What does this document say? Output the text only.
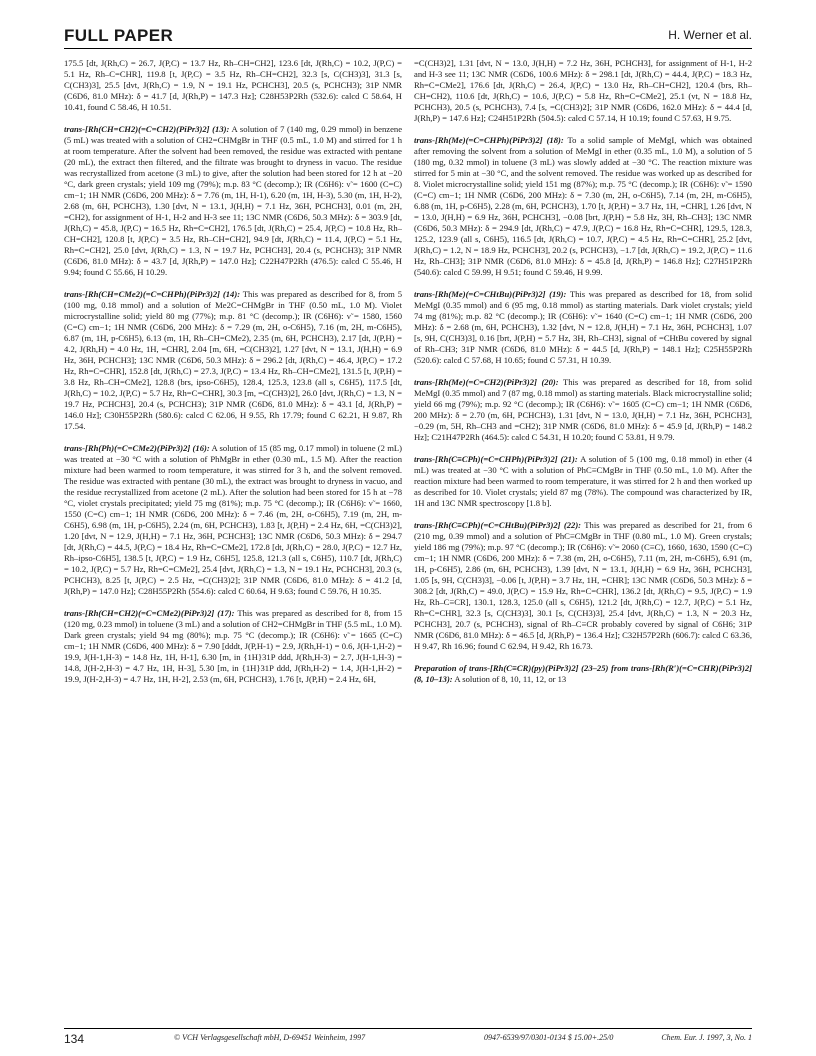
FULL PAPER	H. Werner et al.

175.5 [dt, J(Rh,C) = 26.7, J(P,C) = 13.7 Hz, Rh–CH=CH2], 123.6 [dt, J(Rh,C) = 10.2, J(P,C) = 5.1 Hz, Rh–C=CHR], 119.8 [t, J(P,C) = 3.5 Hz, Rh–CH=CH2], 32.3 [s, C(CH3)3], 31.3 [s, C(CH3)3], 25.5 [dvt, J(Rh,C) = 1.9, N = 19.1 Hz, PCHCH3], 20.5 (s, PCHCH3); 31P NMR (C6D6, 81.0 MHz): δ = 41.7 [d, J(Rh,P) = 147.3 Hz]; C28H53P2Rh (532.6): calcd C 58.64, H 10.41, found C 58.46, H 10.51.

trans-[Rh(CH=CH2)(=C=CH2)(PiPr3)2] (13): A solution of 7 (140 mg, 0.29 mmol) in benzene (5 mL) was treated with a solution of CH2=CHMgBr in THF (0.5 mL, 1.0 M) and stirred for 1 h at room temperature. After the solvent had been removed, the residue was extracted with pentane (20 mL), the extract then filtered, and the filtrate was brought to dryness in vacuo. The residue was recrystallized from acetone (3 mL) to give, after the solution had been stored for 12 h at −20 °C, dark green crystals; yield 109 mg (79%); m.p. 83 °C (decomp.); IR (C6H6): ν̃ = 1600 (C=C) cm−1; 1H NMR (C6D6, 200 MHz): δ = 7.76 (m, 1H, H-1), 6.20 (m, 1H, H-3), 5.30 (m, 1H, H-2), 2.68 (m, 6H, PCHCH3), 1.30 [dvt, N = 13.1, J(H,H) = 7.1 Hz, 36H, PCHCH3], 0.01 (m, 2H, =CH2), for assignment of H-1, H-2 and H-3 see 11; 13C NMR (C6D6, 50.3 MHz): δ = 303.9 [dt, J(Rh,C) = 45.8, J(P,C) = 16.5 Hz, Rh=C=CH2], 176.5 [dt, J(Rh,C) = 25.4, J(P,C) = 10.8 Hz, Rh–CH=CH2], 120.8 [t, J(P,C) = 3.5 Hz, Rh–CH=CH2], 94.9 [dt, J(Rh,C) = 11.4, J(P,C) = 5.1 Hz, Rh=C=CH2], 25.0 [dvt, J(Rh,C) = 1.3, N = 19.7 Hz, PCHCH3], 20.4 (s, PCHCH3); 31P NMR (C6D6, 81.0 MHz): δ = 43.7 [d, J(Rh,P) = 147.0 Hz]; C22H47P2Rh (476.5): calcd C 55.46, H 9.94; found C 55.66, H 10.29.

trans-[Rh(CH=CMe2)(=C=CHPh)(PiPr3)2] (14): This was prepared as described for 8, from 5 (100 mg, 0.18 mmol) and a solution of Me2C=CHMgBr in THF (0.50 mL, 1.0 M). Violet microcrystalline solid; yield 80 mg (77%); m.p. 81 °C (decomp.); IR (C6H6): ν̃ = 1580, 1560 (C=C) cm−1; 1H NMR (C6D6, 200 MHz): δ = 7.29 (m, 2H, o-C6H5), 7.16 (m, 2H, m-C6H5), 6.87 (m, 1H, p-C6H5), 6.13 (m, 1H, Rh–CH=CMe2), 2.35 (m, 6H, PCHCH3), 2.17 [dt, J(P,H) = 4.2, J(Rh,H) = 4.0 Hz, 1H, =CHR], 2.04 [m, 6H, =C(CH3)2], 1.27 [dvt, N = 13.1, J(H,H) = 6.9 Hz, 36H, PCHCH3]; 13C NMR (C6D6, 50.3 MHz): δ = 296.2 [dt, J(Rh,C) = 46.4, J(P,C) = 17.2 Hz, Rh=C=CHR], 152.8 [dt, J(Rh,C) = 27.3, J(P,C) = 13.4 Hz, Rh–CH=CMe2], 131.5 [t, J(P,H) = 3.8 Hz, Rh–CH=CMe2], 128.8 (brs, ipso-C6H5), 128.4, 125.3, 123.8 (all s, C6H5), 117.5 [dt, J(Rh,C) = 10.2, J(P,C) = 5.7 Hz, Rh=C=CHR], 30.3 [m, =C(CH3)2], 26.0 [dvt, J(Rh,C) = 1.3, N = 19.7 Hz, PCHCH3], 20.4 (s, PCHCH3); 31P NMR (C6D6, 81.0 MHz): δ = 43.1 [d, J(Rh,P) = 146.0 Hz]; C30H55P2Rh (580.6): calcd C 62.06, H 9.55, Rh 17.79; found C 62.21, H 9.87, Rh 17.54.

trans-[Rh(Ph)(=C=CMe2)(PiPr3)2] (16): A solution of 15 (85 mg, 0.17 mmol) in toluene (2 mL) was treated at −30 °C with a solution of PhMgBr in ether (0.30 mL, 1.5 M). After the reaction mixture had been warmed to room temperature, it was stirred for 3 h, and the solvent removed. The residue was extracted with pentane (30 mL), the extract was brought to dryness in vacuo, and the residue recrystallized from acetone (2 mL). After the solution had been stored for 15 h at −78 °C, violet crystals precipitated; yield 75 mg (81%); m.p. 75 °C (decomp.); IR (C6H6): ν̃ = 1660, 1550 (C=C) cm−1; 1H NMR (C6D6, 200 MHz): δ = 7.46 (m, 2H, o-C6H5), 7.19 (m, 2H, m-C6H5), 6.98 (m, 1H, p-C6H5), 2.24 (m, 6H, PCHCH3), 1.83 [t, J(P,H) = 2.4 Hz, 6H, =C(CH3)2], 1.20 [dvt, N = 12.9, J(H,H) = 7.1 Hz, 36H, PCHCH3]; 13C NMR (C6D6, 50.3 MHz): δ = 294.7 [dt, J(Rh,C) = 44.5, J(P,C) = 18.4 Hz, Rh=C=CMe2], 172.8 [dt, J(Rh,C) = 28.0, J(P,C) = 12.7 Hz, Rh–ipso-C6H5], 138.5 [t, J(P,C) = 1.9 Hz, C6H5], 125.8, 121.3 (all s, C6H5), 110.7 [dt, J(Rh,C) = 10.2, J(P,C) = 5.7 Hz, Rh=C=CMe2], 25.4 [dvt, J(Rh,C) = 1.3, N = 19.1 Hz, PCHCH3], 20.3 (s, PCHCH3), 8.25 [t, J(P,C) = 2.5 Hz, =C(CH3)2]; 31P NMR (C6D6, 81.0 MHz): δ = 41.2 [d, J(Rh,P) = 147.0 Hz]; C28H55P2Rh (554.6): calcd C 60.64, H 9.63; found C 59.76, H 10.35.

trans-[Rh(CH=CH2)(=C=CMe2)(PiPr3)2] (17): This was prepared as described for 8, from 15 (120 mg, 0.23 mmol) in toluene (3 mL) and a solution of CH2=CHMgBr in THF (5.5 mL, 1.0 M). Dark green crystals; yield 94 mg (80%); m.p. 75 °C (decomp.); IR (C6H6): ν̃ = 1665 (C=C) cm−1; 1H NMR (C6D6, 400 MHz): δ = 7.90 [dddt, J(P,H-1) = 2.9, J(Rh,H-1) = 0.6, J(H-1,H-2) = 19.9, J(H-1,H-3) = 14.8 Hz, 1H, H-1], 6.30 [m, in {1H}31P ddd, J(Rh,H-3) = 2.7, J(H-1,H-3) = 14.8, J(H-2,H-3) = 4.7 Hz, 1H, H-3], 5.30 [m, in {1H}31P ddd, J(Rh,H-2) = 1.4, J(H-1,H-2) = 19.9, J(H-2,H-3) = 4.7 Hz, 1H, H-2], 2.53 (m, 6H, PCHCH3), 1.76 [t, J(P,H) = 2.4 Hz, 6H,

=C(CH3)2], 1.31 [dvt, N = 13.0, J(H,H) = 7.2 Hz, 36H, PCHCH3], for assignment of H-1, H-2 and H-3 see 11; 13C NMR (C6D6, 100.6 MHz): δ = 298.1 [dt, J(Rh,C) = 44.4, J(P,C) = 18.3 Hz, Rh=C=CMe2], 176.6 [dt, J(Rh,C) = 26.4, J(P,C) = 13.0 Hz, Rh–CH=CH2], 120.4 (brs, Rh–CH=CH2), 110.6 [dt, J(Rh,C) = 10.6, J(P,C) = 5.8 Hz, Rh=C=CMe2], 25.1 (vt, N = 18.8 Hz, PCHCH3), 20.5 (s, PCHCH3), 7.4 [s, =C(CH3)2]; 31P NMR (C6D6, 162.0 MHz): δ = 44.4 [d, J(Rh,P) = 147.6 Hz]; C24H51P2Rh (504.5): calcd C 57.14, H 10.19; found C 57.63, H 9.75.

trans-[Rh(Me)(=C=CHPh)(PiPr3)2] (18): To a solid sample of MeMgI, which was obtained after removing the solvent from a solution of MeMgI in ether (0.35 mL, 1.0 M), a solution of 5 (180 mg, 0.32 mmol) in toluene (3 mL) was slowly added at −30 °C. The reaction mixture was stirred for 5 min at −30 °C, and the solvent removed. The residue was worked up as described for 8. Violet microcrystalline solid; yield 151 mg (87%); m.p. 75 °C (decomp.); IR (C6H6): ν̃ = 1590 (C=C) cm−1; 1H NMR (C6D6, 200 MHz): δ = 7.30 (m, 2H, o-C6H5), 7.14 (m, 2H, m-C6H5), 6.88 (m, 1H, p-C6H5), 2.28 (m, 6H, PCHCH3), 1.70 [t, J(P,H) = 3.7 Hz, 1H, =CHR], 1.26 [dvt, N = 13.0, J(H,H) = 6.9 Hz, 36H, PCHCH3], −0.08 [brt, J(P,H) = 5.8 Hz, 3H, Rh–CH3]; 13C NMR (C6D6, 50.3 MHz): δ = 294.9 [dt, J(Rh,C) = 47.9, J(P,C) = 16.8 Hz, Rh=C=CHR], 129.5, 128.3, 125.2, 123.9 (all s, C6H5), 116.5 [dt, J(Rh,C) = 10.7, J(P,C) = 4.5 Hz, Rh=C=CHR], 25.2 [dvt, J(Rh,C) = 1.2, N = 18.9 Hz, PCHCH3], 20.2 (s, PCHCH3), −1.7 [dt, J(Rh,C) = 19.2, J(P,C) = 11.6 Hz, Rh–CH3]; 31P NMR (C6D6, 81.0 MHz): δ = 45.8 [d, J(Rh,P) = 146.8 Hz]; C27H51P2Rh (540.6): calcd C 59.99, H 9.51; found C 59.46, H 9.99.

trans-[Rh(Me)(=C=CHtBu)(PiPr3)2] (19): This was prepared as described for 18, from solid MeMgI (0.35 mmol) and 6 (95 mg, 0.18 mmol) as starting materials. Dark violet crystals; yield 74 mg (81%); m.p. 82 °C (decomp.); IR (C6H6): ν̃ = 1640 (C=C) cm−1; 1H NMR (C6D6, 200 MHz): δ = 2.68 (m, 6H, PCHCH3), 1.32 [dvt, N = 12.8, J(H,H) = 7.1 Hz, 36H, PCHCH3], 1.07 [s, 9H, C(CH3)3], 0.16 [brt, J(P,H) = 5.7 Hz, 3H, Rh–CH3], signal of =CHtBu covered by signal of Rh–CH3; 31P NMR (C6D6, 81.0 MHz): δ = 44.5 [d, J(Rh,P) = 148.1 Hz]; C25H55P2Rh (520.6): calcd C 57.68, H 10.65; found C 57.31, H 10.39.

trans-[Rh(Me)(=C=CH2)(PiPr3)2] (20): This was prepared as described for 18, from solid MeMgI (0.35 mmol) and 7 (87 mg, 0.18 mmol) as starting materials. Black microcrystalline solid; yield 66 mg (79%); m.p. 92 °C (decomp.); IR (C6H6): ν̃ = 1605 (C=C) cm−1; 1H NMR (C6D6, 200 MHz): δ = 2.70 (m, 6H, PCHCH3), 1.31 [dvt, N = 13.0, J(H,H) = 7.1 Hz, 36H, PCHCH3], −0.29 (m, 5H, Rh–CH3 and =CH2); 31P NMR (C6D6, 81.0 MHz): δ = 45.9 [d, J(Rh,P) = 148.2 Hz]; C21H47P2Rh (464.5): calcd C 54.31, H 10.20; found C 53.81, H 9.79.

trans-[Rh(C≡CPh)(=C=CHPh)(PiPr3)2] (21): A solution of 5 (100 mg, 0.18 mmol) in ether (4 mL) was treated at −30 °C with a solution of PhC≡CMgBr in THF (0.50 mL, 1.0 M). After the reaction mixture had been warmed to room temperature, it was stirred for 2 h and then worked up as described for 10. Violet crystals; yield 87 mg (78%). The compound was characterized by IR, 1H and 13C NMR spectroscopy [1.8 b].

trans-[Rh(C≡CPh)(=C=CHtBu)(PiPr3)2] (22): This was prepared as described for 21, from 6 (210 mg, 0.39 mmol) and a solution of PhC≡CMgBr in THF (0.80 mL, 1.0 M). Green crystals; yield 186 mg (79%); m.p. 97 °C (decomp.); IR (C6H6): ν̃ = 2060 (C≡C), 1660, 1630, 1590 (C=C) cm−1; 1H NMR (C6D6, 200 MHz): δ = 7.38 (m, 2H, o-C6H5), 7.11 (m, 2H, m-C6H5), 6.91 (m, 1H, p-C6H5), 2.86 (m, 6H, PCHCH3), 1.39 [dvt, N = 13.1, J(H,H) = 6.9 Hz, 36H, PCHCH3], 1.05 [s, 9H, C(CH3)3], −0.06 [t, J(P,H) = 3.7 Hz, 1H, =CHR]; 13C NMR (C6D6, 50.3 MHz): δ = 308.2 [dt, J(Rh,C) = 49.0, J(P,C) = 15.9 Hz, Rh=C=CHR], 136.2 [dt, J(Rh,C) = 9.5, J(P,C) = 1.9 Hz, Rh–C≡CR], 130.1, 128.3, 125.0 (all s, C6H5), 121.2 [dt, J(Rh,C) = 12.7, J(P,C) = 5.1 Hz, Rh=C=CHR], 32.3 [s, C(CH3)3], 30.1 [s, C(CH3)3], 25.4 [dvt, J(Rh,C) = 1.3, N = 20.3 Hz, PCHCH3], 20.7 (s, PCHCH3), signal of Rh–C≡CR probably covered by signal of C6H6; 31P NMR (C6D6, 81.0 MHz): δ = 46.5 [d, J(Rh,P) = 136.4 Hz]; C32H57P2Rh (606.7): calcd C 63.36, H 9.47, Rh 16.96; found C 62.94, H 9.42, Rh 16.73.

Preparation of trans-[Rh(C≡CR)(py)(PiPr3)2] (23–25) from trans-[Rh(R′)(=C=CHR)(PiPr3)2] (8, 10–13): A solution of 8, 10, 11, 12, or 13

134	© VCH Verlagsgesellschaft mbH, D-69451 Weinheim, 1997	0947-6539/97/0301-0134 $ 15.00+.25/0	Chem. Eur. J. 1997, 3, No. 1
